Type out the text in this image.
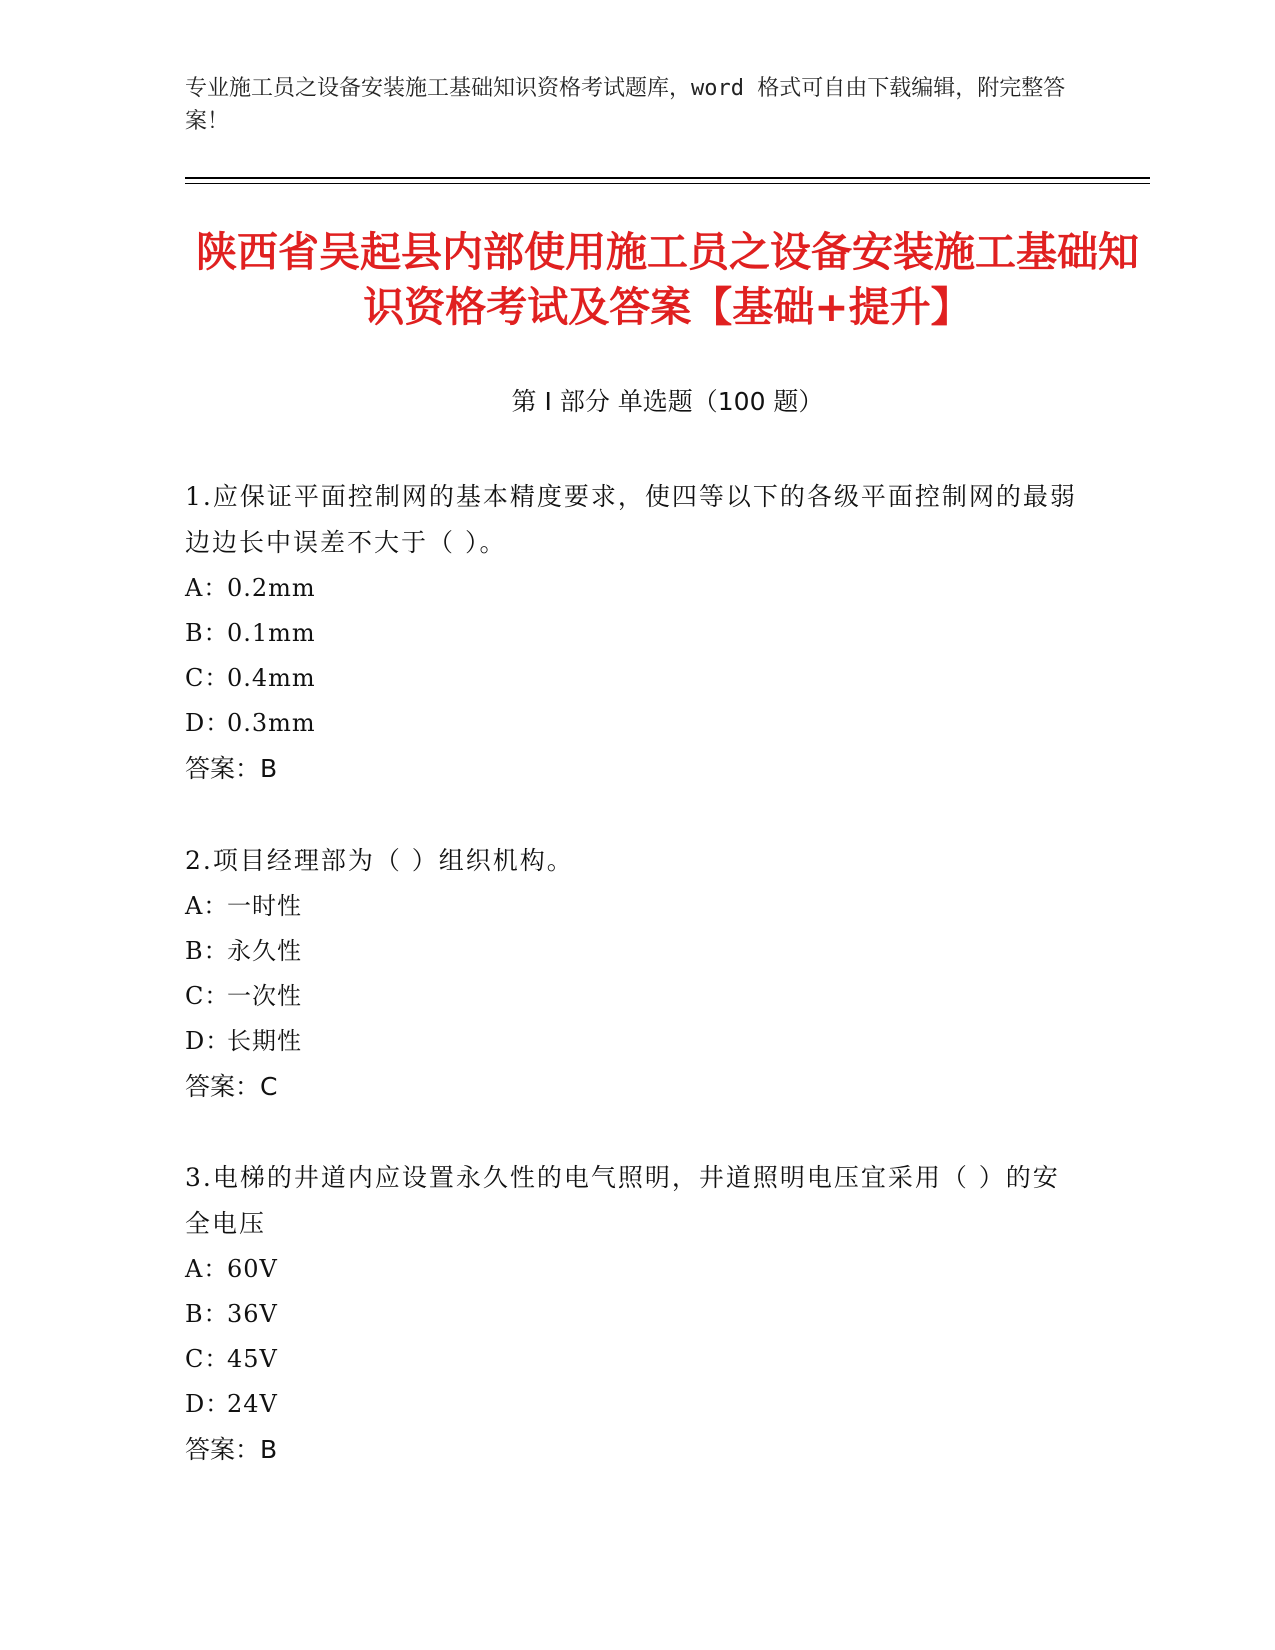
专业施工员之设备安装施工基础知识资格考试题库，word 格式可自由下载编辑，附完整答案！
陕西省吴起县内部使用施工员之设备安装施工基础知识资格考试及答案【基础+提升】
第 I 部分 单选题（100 题）

1.应保证平面控制网的基本精度要求，使四等以下的各级平面控制网的最弱边边长中误差不大于（ ）。

A：0.2mm

B：0.1mm

C：0.4mm

D：0.3mm

答案：B

2.项目经理部为（ ）组织机构。

A：一时性

B：永久性

C：一次性

D：长期性

答案：C

3.电梯的井道内应设置永久性的电气照明，井道照明电压宜采用（ ）的安全电压

A：60V

B：36V

C：45V

D：24V

答案：B
